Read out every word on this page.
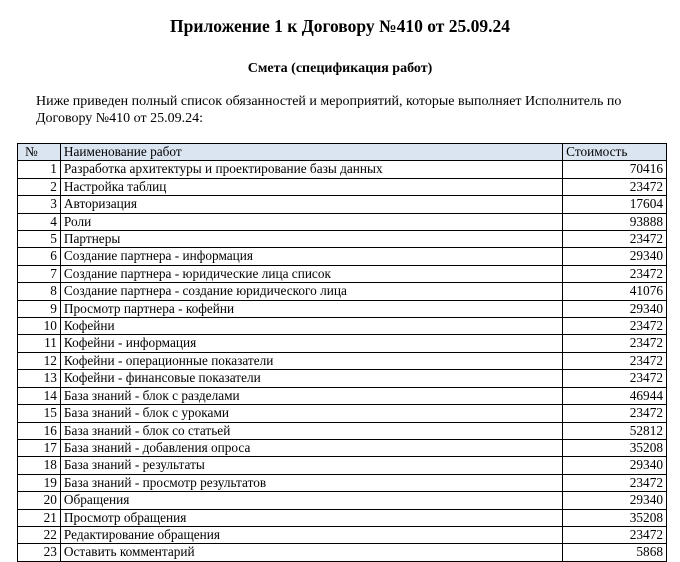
Приложение 1 к Договору №410 от 25.09.24
Смета (спецификация работ)
Ниже приведен полный список обязанностей и мероприятий, которые выполняет Исполнитель по Договору №410 от 25.09.24:
№	Наименование работ	Стоимость
1	Разработка архитектуры и проектирование базы данных	70416
2	Настройка таблиц	23472
3	Авторизация	17604
4	Роли	93888
5	Партнеры	23472
6	Создание партнера - информация	29340
7	Создание партнера - юридические лица список	23472
8	Создание партнера - создание юридического лица	41076
9	Просмотр партнера - кофейни	29340
10	Кофейни	23472
11	Кофейни - информация	23472
12	Кофейни - операционные показатели	23472
13	Кофейни - финансовые показатели	23472
14	База знаний - блок с разделами	46944
15	База знаний - блок с уроками	23472
16	База знаний - блок со статьей	52812
17	База знаний - добавления опроса	35208
18	База знаний - результаты	29340
19	База знаний - просмотр результатов	23472
20	Обращения	29340
21	Просмотр обращения	35208
22	Редактирование обращения	23472
23	Оставить комментарий	5868
